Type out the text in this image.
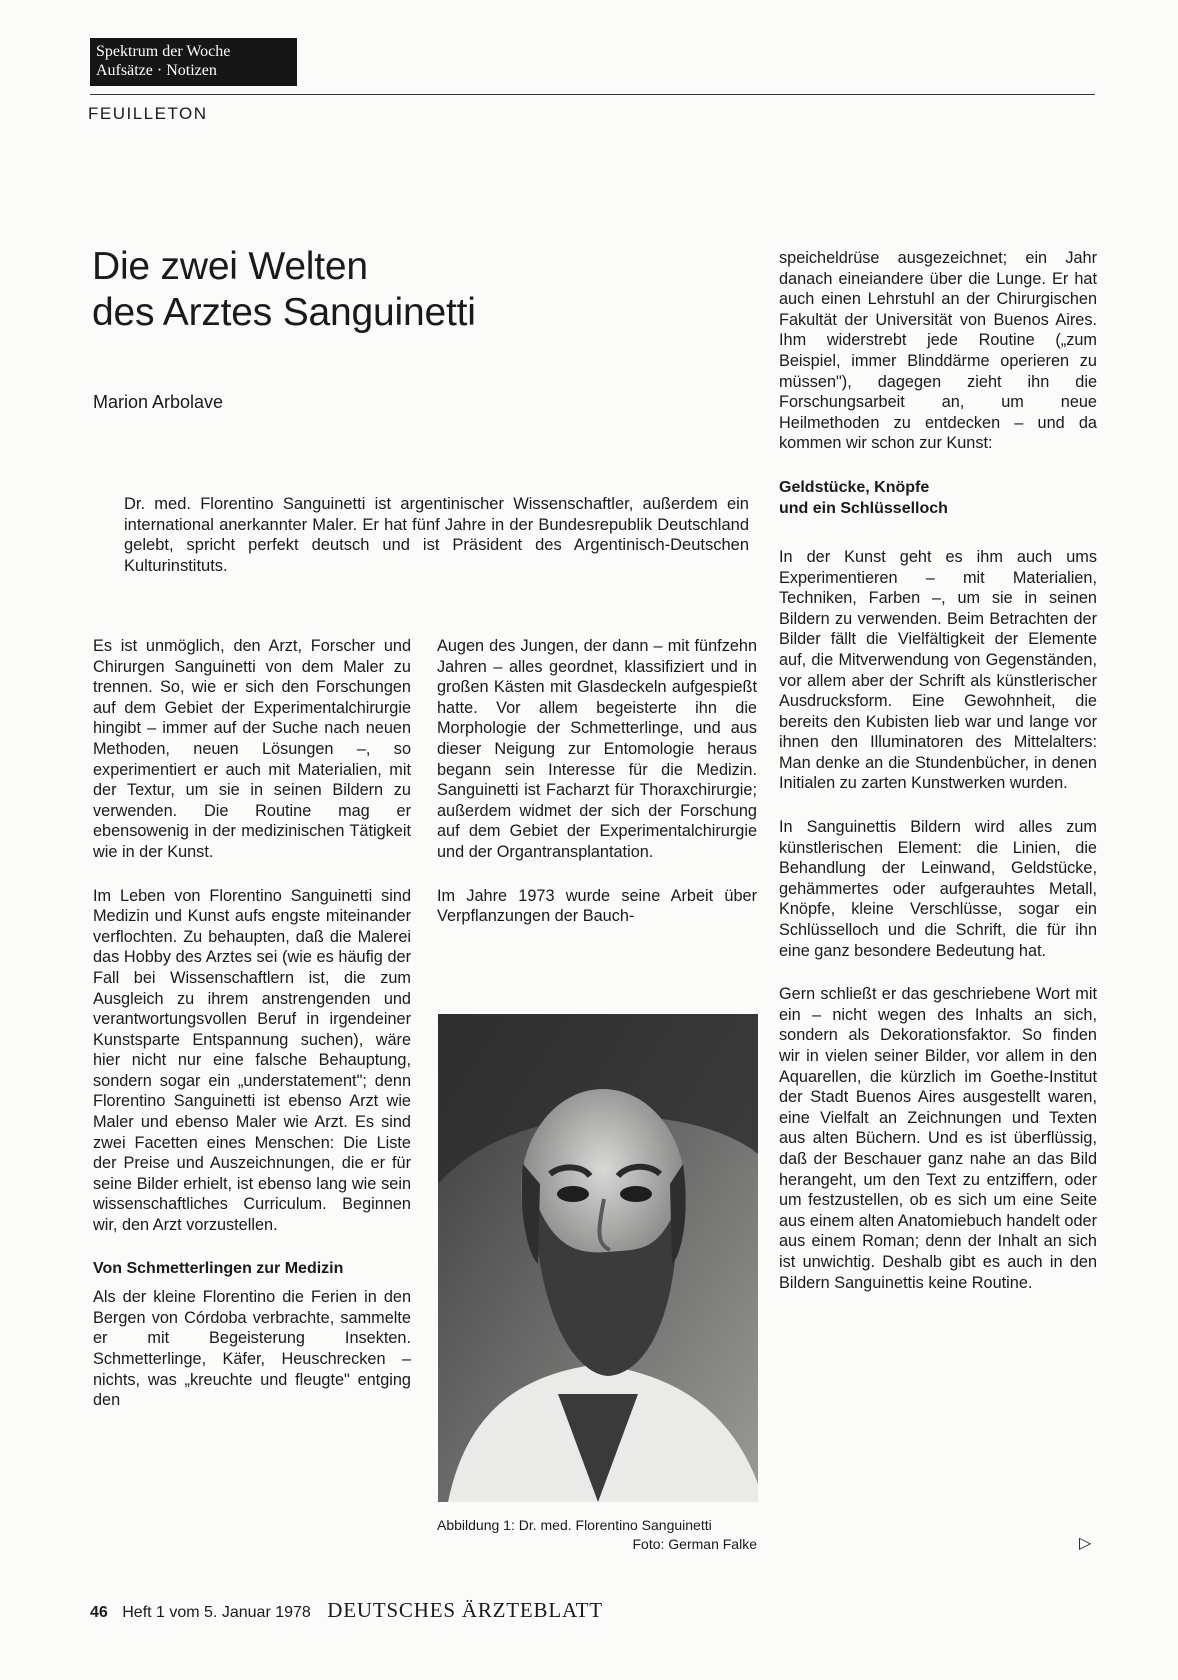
Spektrum der Woche
Aufsätze · Notizen
FEUILLETON
Die zwei Welten
des Arztes Sanguinetti
Marion Arbolave

Dr. med. Florentino Sanguinetti ist argentinischer Wissenschaftler, außerdem ein international anerkannter Maler. Er hat fünf Jahre in der Bundesrepublik Deutschland gelebt, spricht perfekt deutsch und ist Präsident des Argentinisch-Deutschen Kulturinstituts.

Es ist unmöglich, den Arzt, Forscher und Chirurgen Sanguinetti von dem Maler zu trennen. So, wie er sich den Forschungen auf dem Gebiet der Experimentalchirurgie hingibt – immer auf der Suche nach neuen Methoden, neuen Lösungen –, so experimentiert er auch mit Materialien, mit der Textur, um sie in seinen Bildern zu verwenden. Die Routine mag er ebensowenig in der medizinischen Tätigkeit wie in der Kunst.

Im Leben von Florentino Sanguinetti sind Medizin und Kunst aufs engste miteinander verflochten. Zu behaupten, daß die Malerei das Hobby des Arztes sei (wie es häufig der Fall bei Wissenschaftlern ist, die zum Ausgleich zu ihrem anstrengenden und verantwortungsvollen Beruf in irgendeiner Kunstsparte Entspannung suchen), wäre hier nicht nur eine falsche Behauptung, sondern sogar ein „understatement"; denn Florentino Sanguinetti ist ebenso Arzt wie Maler und ebenso Maler wie Arzt. Es sind zwei Facetten eines Menschen: Die Liste der Preise und Auszeichnungen, die er für seine Bilder erhielt, ist ebenso lang wie sein wissenschaftliches Curriculum. Beginnen wir, den Arzt vorzustellen.

Von Schmetterlingen zur Medizin

Als der kleine Florentino die Ferien in den Bergen von Córdoba verbrachte, sammelte er mit Begeisterung Insekten. Schmetterlinge, Käfer, Heuschrecken – nichts, was „kreuchte und fleugte" entging den

Augen des Jungen, der dann – mit fünfzehn Jahren – alles geordnet, klassifiziert und in großen Kästen mit Glasdeckeln aufgespießt hatte. Vor allem begeisterte ihn die Morphologie der Schmetterlinge, und aus dieser Neigung zur Entomologie heraus begann sein Interesse für die Medizin. Sanguinetti ist Facharzt für Thoraxchirurgie; außerdem widmet der sich der Forschung auf dem Gebiet der Experimentalchirurgie und der Organtransplantation.

Im Jahre 1973 wurde seine Arbeit über Verpflanzungen der Bauch-

Abbildung 1: Dr. med. Florentino Sanguinetti
Foto: German Falke

speicheldrüse ausgezeichnet; ein Jahr danach eineiandere über die Lunge. Er hat auch einen Lehrstuhl an der Chirurgischen Fakultät der Universität von Buenos Aires. Ihm widerstrebt jede Routine („zum Beispiel, immer Blinddärme operieren zu müssen"), dagegen zieht ihn die Forschungsarbeit an, um neue Heilmethoden zu entdecken – und da kommen wir schon zur Kunst:

Geldstücke, Knöpfe
und ein Schlüsselloch

In der Kunst geht es ihm auch ums Experimentieren – mit Materialien, Techniken, Farben –, um sie in seinen Bildern zu verwenden. Beim Betrachten der Bilder fällt die Vielfältigkeit der Elemente auf, die Mitverwendung von Gegenständen, vor allem aber der Schrift als künstlerischer Ausdrucksform. Eine Gewohnheit, die bereits den Kubisten lieb war und lange vor ihnen den Illuminatoren des Mittelalters: Man denke an die Stundenbücher, in denen Initialen zu zarten Kunstwerken wurden.

In Sanguinettis Bildern wird alles zum künstlerischen Element: die Linien, die Behandlung der Leinwand, Geldstücke, gehämmertes oder aufgerauhtes Metall, Knöpfe, kleine Verschlüsse, sogar ein Schlüsselloch und die Schrift, die für ihn eine ganz besondere Bedeutung hat.

Gern schließt er das geschriebene Wort mit ein – nicht wegen des Inhalts an sich, sondern als Dekorationsfaktor. So finden wir in vielen seiner Bilder, vor allem in den Aquarellen, die kürzlich im Goethe-Institut der Stadt Buenos Aires ausgestellt waren, eine Vielfalt an Zeichnungen und Texten aus alten Büchern. Und es ist überflüssig, daß der Beschauer ganz nahe an das Bild herangeht, um den Text zu entziffern, oder um festzustellen, ob es sich um eine Seite aus einem alten Anatomiebuch handelt oder aus einem Roman; denn der Inhalt an sich ist unwichtig. Deshalb gibt es auch in den Bildern Sanguinettis keine Routine.

▷
46 Heft 1 vom 5. Januar 1978 DEUTSCHES ÄRZTEBLATT
